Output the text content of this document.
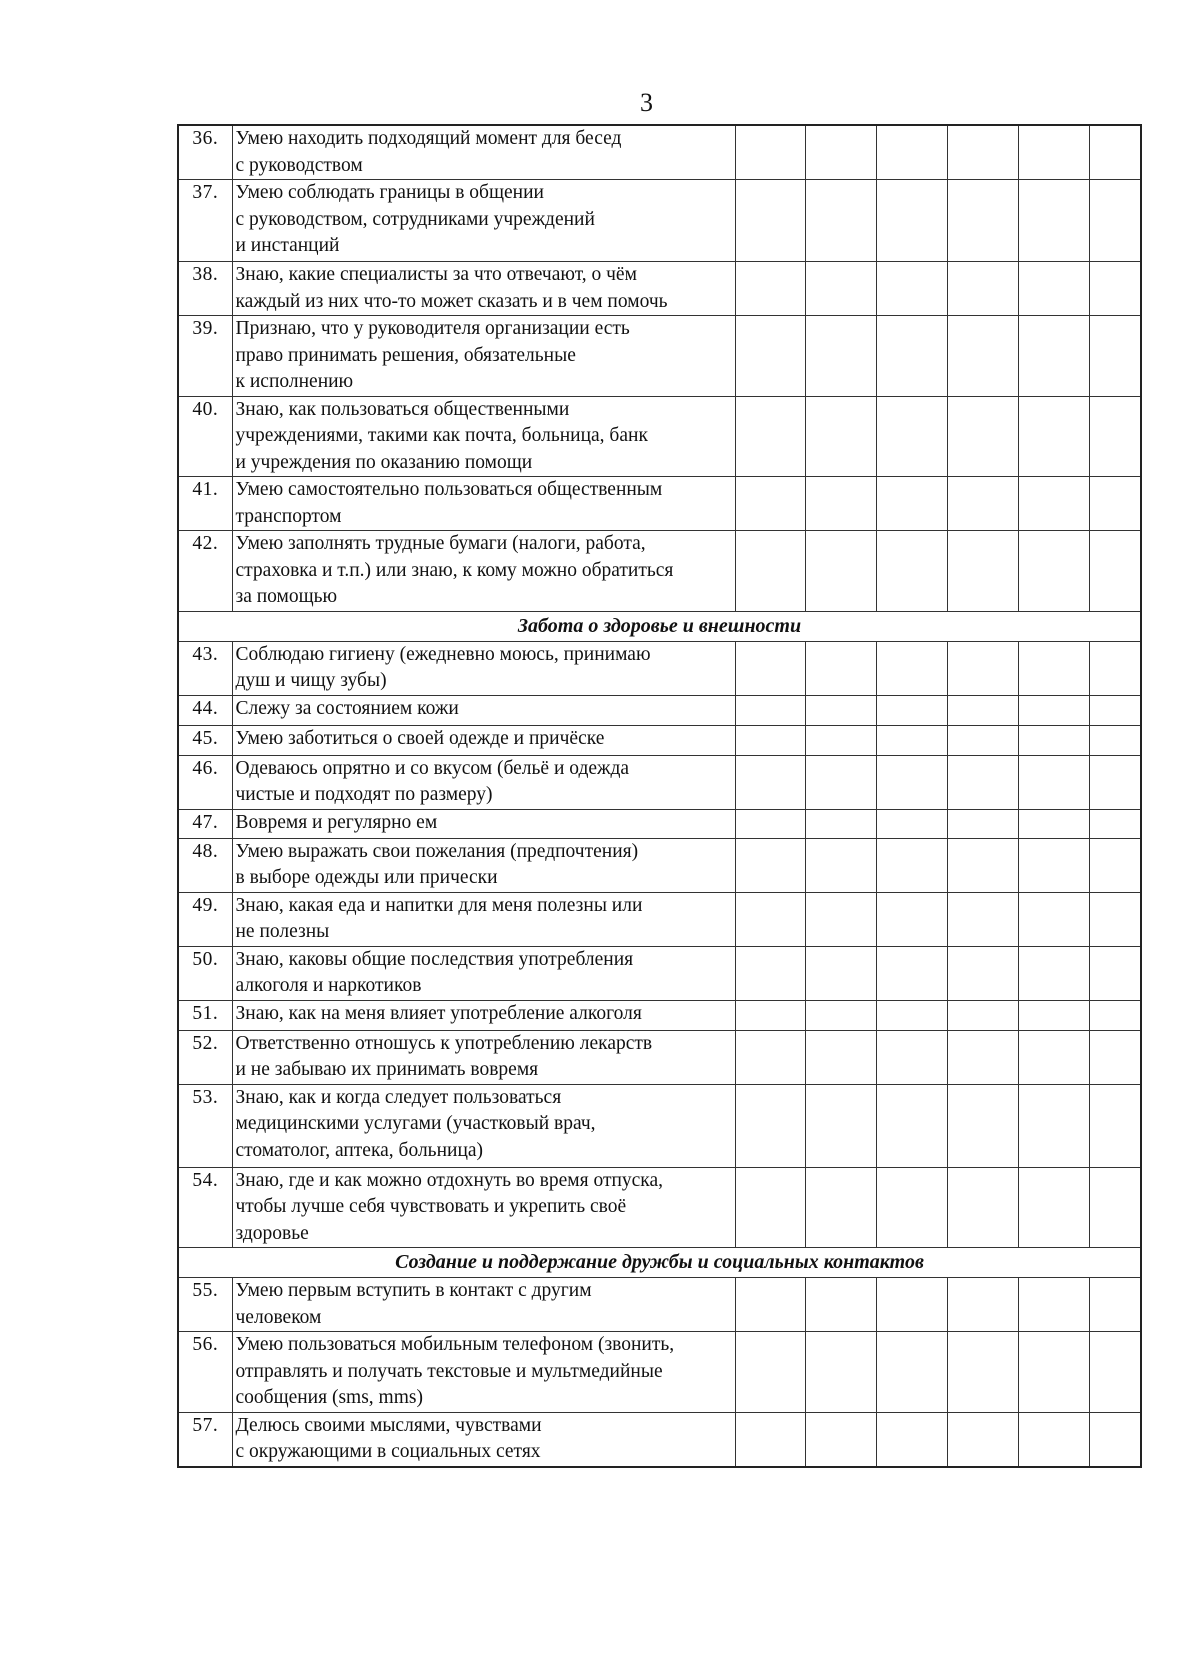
3
36.	Умею находить подходящий момент для бесед
с руководством						

37.	Умею соблюдать границы в общении
с руководством, сотрудниками учреждений
и инстанций						

38.	Знаю, какие специалисты за что отвечают, о чём
каждый из них что-то может сказать и в чем помочь						

39.	Признаю, что у руководителя организации есть
право принимать решения, обязательные
к исполнению						

40.	Знаю, как пользоваться общественными
учреждениями, такими как почта, больница, банк
и учреждения по оказанию помощи						

41.	Умею самостоятельно пользоваться общественным
транспортом						

42.	Умею заполнять трудные бумаги (налоги, работа,
страховка и т.п.) или знаю, к кому можно обратиться
за помощью						

Забота о здоровье и внешности							
43.	Соблюдаю гигиену (ежедневно моюсь, принимаю
душ и чищу зубы)						

44.	Слежу за состоянием кожи						

45.	Умею заботиться о своей одежде и причёске						

46.	Одеваюсь опрятно и со вкусом (бельё и одежда
чистые и подходят по размеру)						

47.	Вовремя и регулярно ем						

48.	Умею выражать свои пожелания (предпочтения)
в выборе одежды или прически						

49.	Знаю, какая еда и напитки для меня полезны или
не полезны						

50.	Знаю, каковы общие последствия употребления
алкоголя и наркотиков						

51.	Знаю, как на меня влияет употребление алкоголя						

52.	Ответственно отношусь к употреблению лекарств
и не забываю их принимать вовремя						

53.	Знаю, как и когда следует пользоваться
медицинскими услугами (участковый врач,
стоматолог, аптека, больница)						

54.	Знаю, где и как можно отдохнуть во время отпуска,
чтобы лучше себя чувствовать и укрепить своё
здоровье						

Создание и поддержание дружбы и социальных контактов							
55.	Умею первым вступить в контакт с другим
человеком						

56.	Умею пользоваться мобильным телефоном (звонить,
отправлять и получать текстовые и мультмедийные
сообщения (sms, mms)						

57.	Делюсь своими мыслями, чувствами
с окружающими в социальных сетях						
